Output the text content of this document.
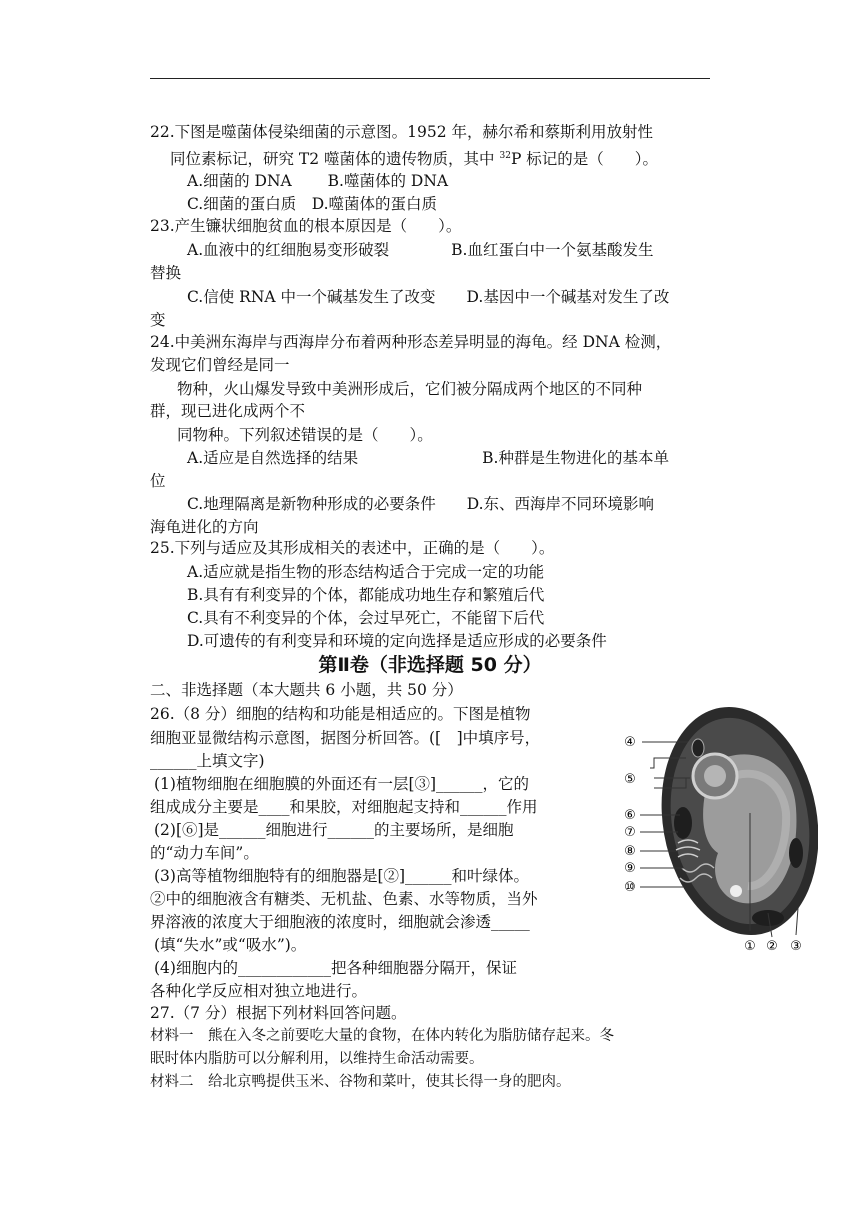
22.下图是噬菌体侵染细菌的示意图。1952 年，赫尔希和蔡斯利用放射性
同位素标记，研究 T2 噬菌体的遗传物质，其中 $^{32}$P 标记的是（　　）。
A.细菌的 DNA　　 B.噬菌体的 DNA
C.细菌的蛋白质　D.噬菌体的蛋白质
23.产生镰状细胞贫血的根本原因是（　　）。
A.血液中的红细胞易变形破裂　　　　B.血红蛋白中一个氨基酸发生
替换
C.信使 RNA 中一个碱基发生了改变　　D.基因中一个碱基对发生了改
变
24.中美洲东海岸与西海岸分布着两种形态差异明显的海龟。经 DNA 检测，
发现它们曾经是同一
物种，火山爆发导致中美洲形成后，它们被分隔成两个地区的不同种
群，现已进化成两个不
同物种。下列叙述错误的是（　　）。
A.适应是自然选择的结果　　　　　　　　B.种群是生物进化的基本单
位
C.地理隔离是新物种形成的必要条件　　D.东、西海岸不同环境影响
海龟进化的方向
25.下列与适应及其形成相关的表述中，正确的是（　　）。
A.适应就是指生物的形态结构适合于完成一定的功能
B.具有有利变异的个体，都能成功地生存和繁殖后代
C.具有不利变异的个体，会过早死亡，不能留下后代
D.可遗传的有利变异和环境的定向选择是适应形成的必要条件
第Ⅱ卷（非选择题 50 分）
二、非选择题（本大题共 6 小题，共 50 分）
26.（8 分）细胞的结构和功能是相适应的。下图是植物
细胞亚显微结构示意图，据图分析回答。([　]中填序号，
______上填文字)
(1)植物细胞在细胞膜的外面还有一层[③]______，它的
组成成分主要是____和果胶，对细胞起支持和______作用
(2)[⑥]是______细胞进行______的主要场所，是细胞
的“动力车间”。
(3)高等植物细胞特有的细胞器是[②]______和叶绿体。
②中的细胞液含有糖类、无机盐、色素、水等物质，当外
界溶液的浓度大于细胞液的浓度时，细胞就会渗透_____
(填“失水”或“吸水”)。
(4)细胞内的____________把各种细胞器分隔开，保证
各种化学反应相对独立地进行。
④
⑤
⑥
⑦
⑧
⑨
⑩
① ② ③
27.（7 分）根据下列材料回答问题。
材料一　熊在入冬之前要吃大量的食物，在体内转化为脂肪储存起来。冬
眠时体内脂肪可以分解利用，以维持生命活动需要。
材料二　给北京鸭提供玉米、谷物和菜叶，使其长得一身的肥肉。
